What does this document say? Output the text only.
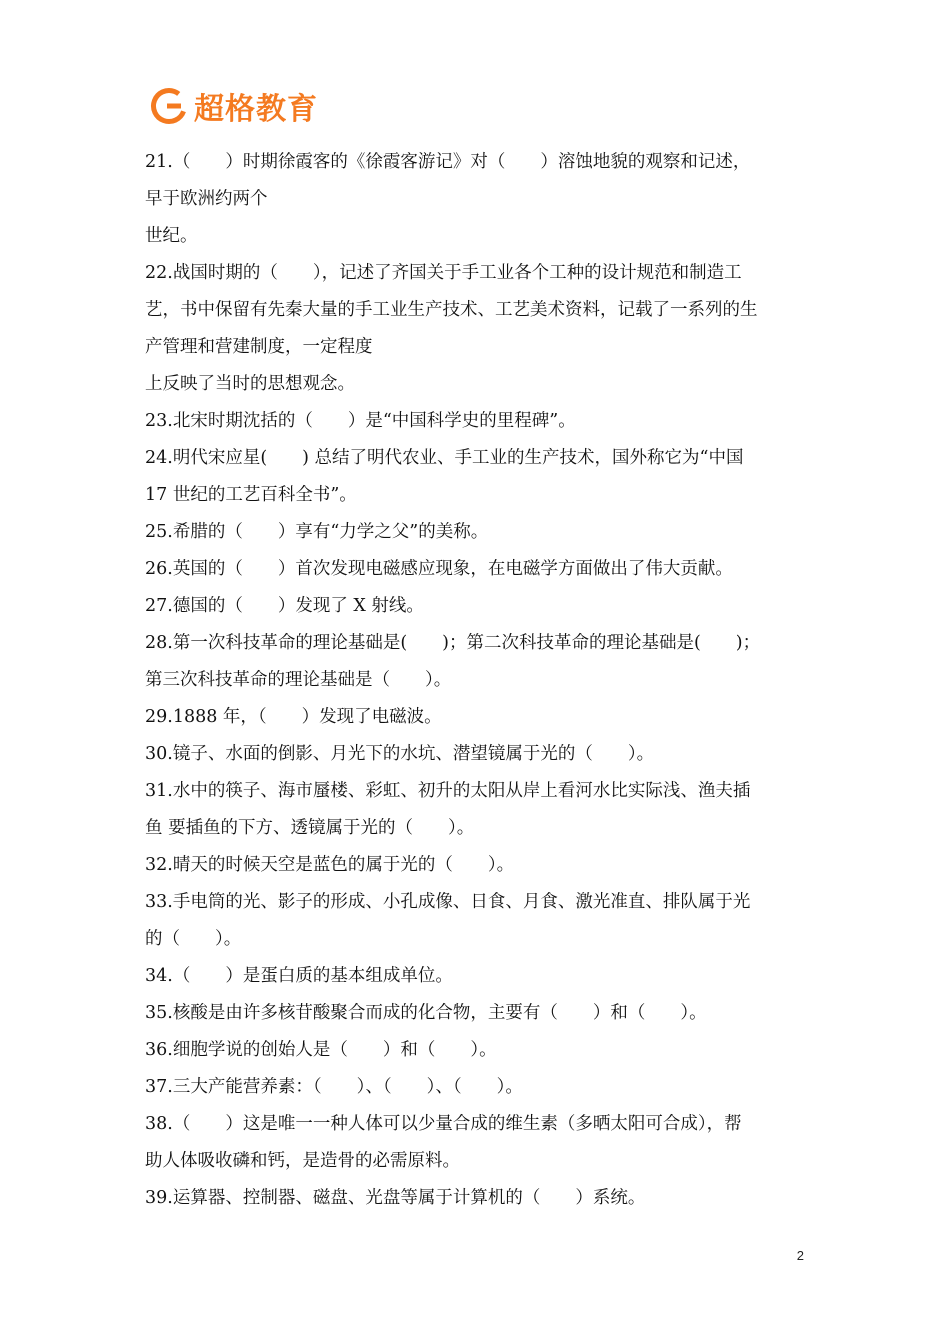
超格教育
21.（　　）时期徐霞客的《徐霞客游记》对（　　）溶蚀地貌的观察和记述，
早于欧洲约两个
世纪。
22.战国时期的（　　），记述了齐国关于手工业各个工种的设计规范和制造工
艺，书中保留有先秦大量的手工业生产技术、工艺美术资料，记载了一系列的生
产管理和营建制度，一定程度
上反映了当时的思想观念。
23.北宋时期沈括的（　　）是“中国科学史的里程碑”。
24.明代宋应星(　　) 总结了明代农业、手工业的生产技术，国外称它为“中国
17 世纪的工艺百科全书”。
25.希腊的（　　）享有“力学之父”的美称。
26.英国的（　　）首次发现电磁感应现象，在电磁学方面做出了伟大贡献。
27.德国的（　　）发现了 X 射线。
28.第一次科技革命的理论基础是(　　)；第二次科技革命的理论基础是(　　)；
第三次科技革命的理论基础是（　　）。
29.1888 年，（　　）发现了电磁波。
30.镜子、水面的倒影、月光下的水坑、潜望镜属于光的（　　）。
31.水中的筷子、海市蜃楼、彩虹、初升的太阳从岸上看河水比实际浅、渔夫插
鱼 要插鱼的下方、透镜属于光的（　　）。
32.晴天的时候天空是蓝色的属于光的（　　）。
33.手电筒的光、影子的形成、小孔成像、日食、月食、激光准直、排队属于光
的（　　）。
34.（　　）是蛋白质的基本组成单位。
35.核酸是由许多核苷酸聚合而成的化合物，主要有（　　）和（　　）。
36.细胞学说的创始人是（　　）和（　　）。
37.三大产能营养素：（　　）、（　　）、（　　）。
38.（　　）这是唯一一种人体可以少量合成的维生素（多晒太阳可合成），帮
助人体吸收磷和钙，是造骨的必需原料。
39.运算器、控制器、磁盘、光盘等属于计算机的（　　）系统。
2
